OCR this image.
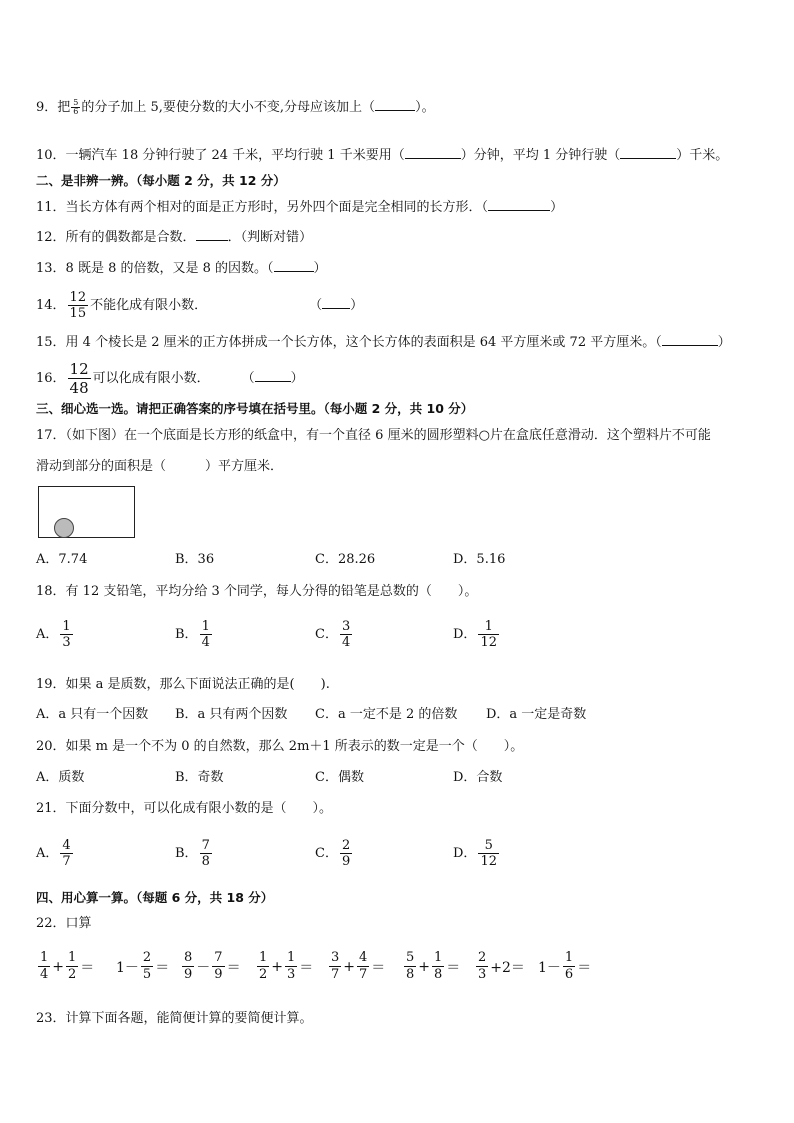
9．把 $\frac{5}{6}$ 的分子加上 5,要使分数的大小不变,分母应该加上（	）。
10．一辆汽车 18 分钟行驶了 24 千米，平均行驶 1 千米要用（	）分钟，平均 1 分钟行驶（	）千米。
二、是非辨一辨。（每小题 2 分，共 12 分）
11．当长方体有两个相对的面是正方形时，另外四个面是完全相同的长方形．（	）
12．所有的偶数都是合数． ．（判断对错）
13．8 既是 8 的倍数，又是 8 的因数。（	）
14． $\frac{12}{15}$ 不能化成有限小数．	（ ）
15．用 4 个棱长是 2 厘米的正方体拼成一个长方体，这个长方体的表面积是 64 平方厘米或 72 平方厘米。（	）
16． $\frac{12}{48}$ 可以化成有限小数． （	）
三、细心选一选。请把正确答案的序号填在括号里。（每小题 2 分，共 10 分）
17．（如下图）在一个底面是长方形的纸盒中，有一个直径 6 厘米的圆形塑料○片在盒底任意滑动．这个塑料片不可能
滑动到部分的面积是（　　　）平方厘米．
A．7.74	B．36	C．28.26	D．5.16
18．有 12 支铅笔，平均分给 3 个同学，每人分得的铅笔是总数的（　　）。
A． $\frac{1}{3}$	B． $\frac{1}{4}$	C． $\frac{3}{4}$	D． $\frac{1}{12}$
19．如果 a 是质数，那么下面说法正确的是(　　).
A．a 只有一个因数 B．a 只有两个因数 C．a 一定不是 2 的倍数 D．a 一定是奇数
20．如果 m 是一个不为 0 的自然数，那么 2m＋1 所表示的数一定是一个（　　）。
A．质数	B．奇数	C．偶数	D．合数
21．下面分数中，可以化成有限小数的是（　　）。
A． $\frac{4}{7}$	B． $\frac{7}{8}$	C． $\frac{2}{9}$	D． $\frac{5}{12}$
四、用心算一算。（每题 6 分，共 18 分）
22．口算
$\frac{1}{4} + \frac{1}{2} = 1- \frac{2}{5} = \frac{8}{9} - \frac{7}{9} = \frac{1}{2} + \frac{1}{3} = \frac{3}{7} + \frac{4}{7} = \frac{5}{8} + \frac{1}{8} = \frac{2}{3} +2= 1- \frac{1}{6}$ ＝
23．计算下面各题，能简便计算的要简便计算。
